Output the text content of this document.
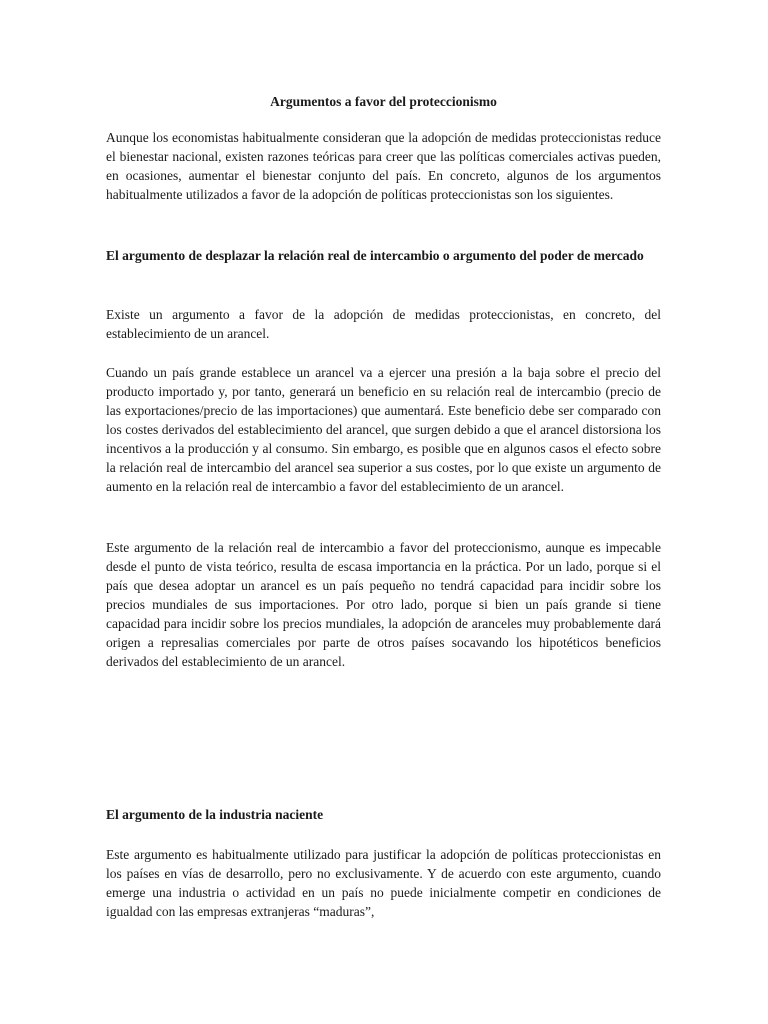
Argumentos a favor del proteccionismo

Aunque los economistas habitualmente consideran que la adopción de medidas proteccionistas reduce el bienestar nacional, existen razones teóricas para creer que las políticas comerciales activas pueden, en ocasiones, aumentar el bienestar conjunto del país. En concreto, algunos de los argumentos habitualmente utilizados a favor de la adopción de políticas proteccionistas son los siguientes.

El argumento de desplazar la relación real de intercambio o argumento del poder de mercado

Existe un argumento a favor de la adopción de medidas proteccionistas, en concreto, del establecimiento de un arancel.

Cuando un país grande establece un arancel va a ejercer una presión a la baja sobre el precio del producto importado y, por tanto, generará un beneficio en su relación real de intercambio (precio de las exportaciones/precio de las importaciones) que aumentará. Este beneficio debe ser comparado con los costes derivados del establecimiento del arancel, que surgen debido a que el arancel distorsiona los incentivos a la producción y al consumo. Sin embargo, es posible que en algunos casos el efecto sobre la relación real de intercambio del arancel sea superior a sus costes, por lo que existe un argumento de aumento en la relación real de intercambio a favor del establecimiento de un arancel.

Este argumento de la relación real de intercambio a favor del proteccionismo, aunque es impecable desde el punto de vista teórico, resulta de escasa importancia en la práctica. Por un lado, porque si el país que desea adoptar un arancel es un país pequeño no tendrá capacidad para incidir sobre los precios mundiales de sus importaciones. Por otro lado, porque si bien un país grande si tiene capacidad para incidir sobre los precios mundiales, la adopción de aranceles muy probablemente dará origen a represalias comerciales por parte de otros países socavando los hipotéticos beneficios derivados del establecimiento de un arancel.

El argumento de la industria naciente

Este argumento es habitualmente utilizado para justificar la adopción de políticas proteccionistas en los países en vías de desarrollo, pero no exclusivamente. Y de acuerdo con este argumento, cuando emerge una industria o actividad en un país no puede inicialmente competir en condiciones de igualdad con las empresas extranjeras “maduras”,
